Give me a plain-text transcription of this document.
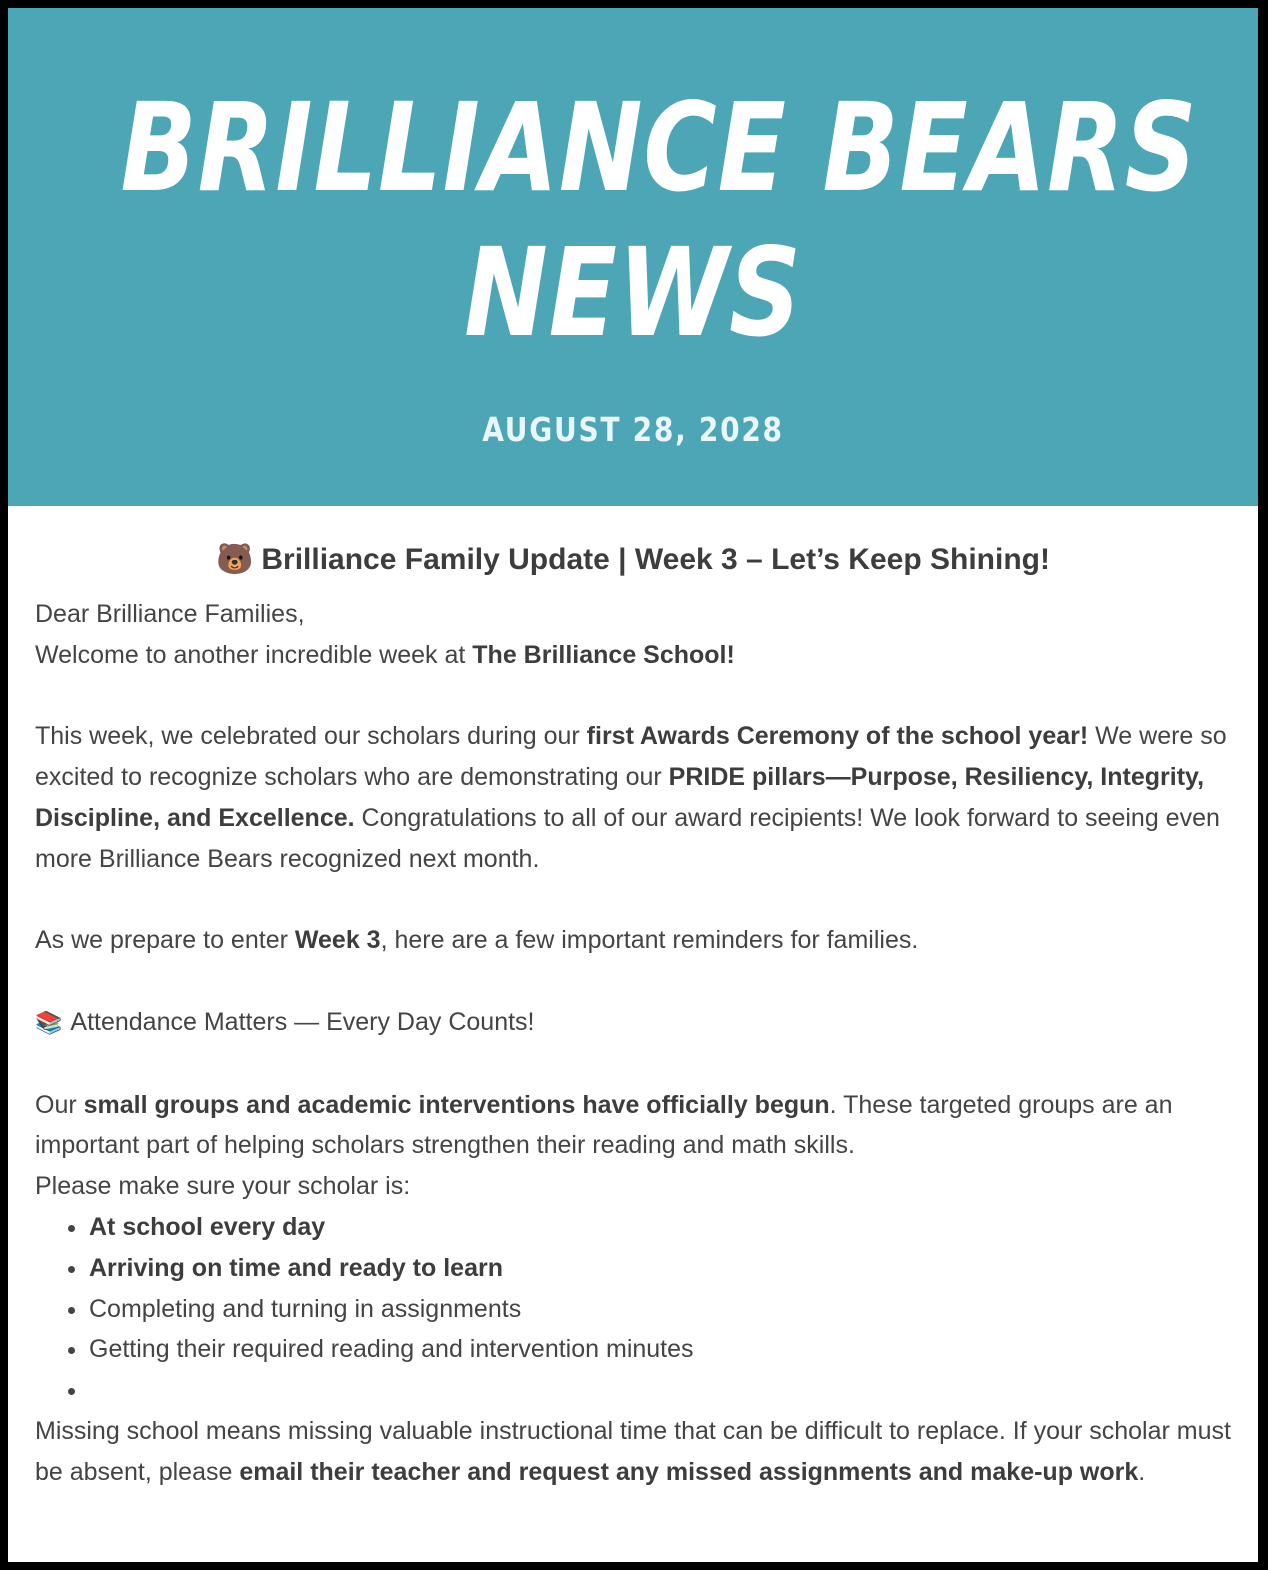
BRILLIANCE BEARS
NEWS
AUGUST 28, 2028
🐻 Brilliance Family Update | Week 3 – Let’s Keep Shining!

Dear Brilliance Families,

Welcome to another incredible week at The Brilliance School!

This week, we celebrated our scholars during our first Awards Ceremony of the school year! We were so excited to recognize scholars who are demonstrating our PRIDE pillars—Purpose, Resiliency, Integrity, Discipline, and Excellence. Congratulations to all of our award recipients! We look forward to seeing even more Brilliance Bears recognized next month.

As we prepare to enter Week 3, here are a few important reminders for families.

📚 Attendance Matters — Every Day Counts!

Our small groups and academic interventions have officially begun. These targeted groups are an important part of helping scholars strengthen their reading and math skills.

Please make sure your scholar is:

• At school every day
• Arriving on time and ready to learn
• Completing and turning in assignments
• Getting their required reading and intervention minutes
•

Missing school means missing valuable instructional time that can be difficult to replace. If your scholar must be absent, please email their teacher and request any missed assignments and make-up work.
